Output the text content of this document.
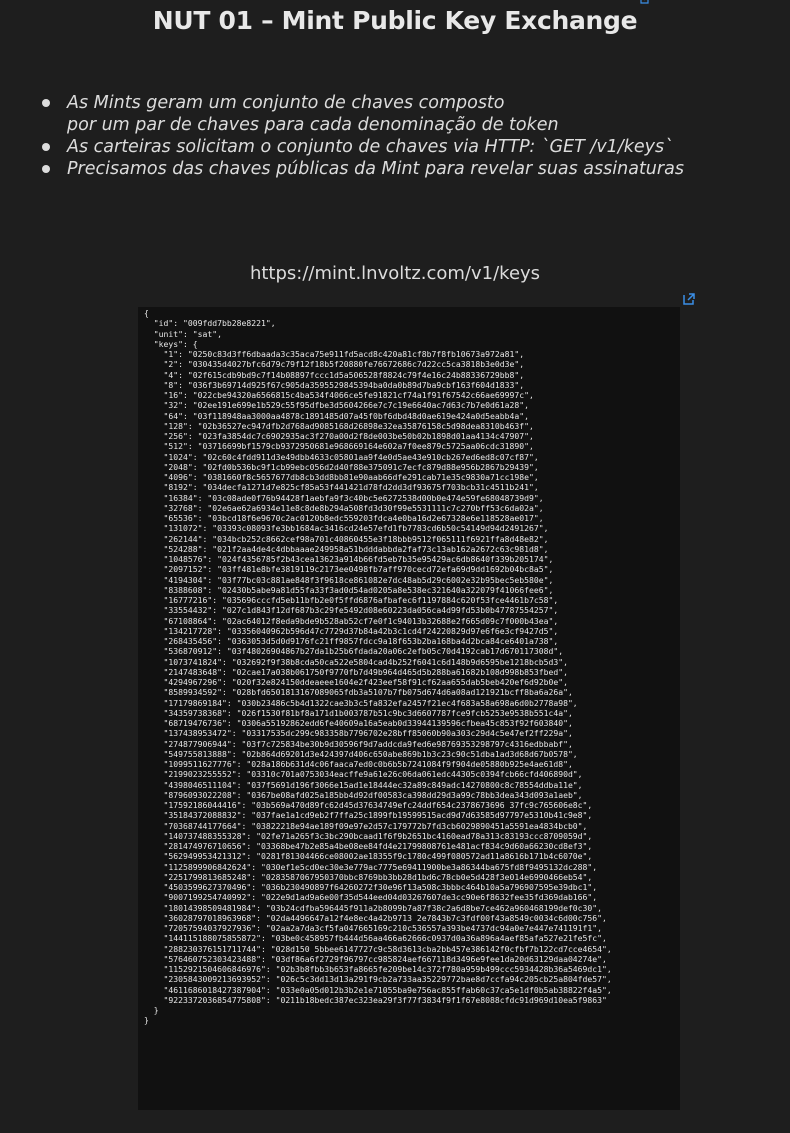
NUT 01 – Mint Public Key Exchange
As Mints geram um conjunto de chaves composto
por um par de chaves para cada denominação de token
As carteiras solicitam o conjunto de chaves via HTTP: `GET /v1/keys`
Precisamos das chaves públicas da Mint para revelar suas assinaturas
https://mint.lnvoltz.com/v1/keys
{
"id": "009fdd7bb28e8221",
"unit": "sat",
"keys": {
"1": "0250c83d3ff6dbaada3c35aca75e911fd5acd8c420a81cf8b7f8fb10673a972a81",
"2": "030435d4027bfc6d79c79f12f18b5f20880fe76672686c7d22cc5ca3818b3e0d3e",
"4": "02f615cdb9bd9c7f14b08897fccc1d5a506528f8824c79f4e16c24b88336729bb8",
"8": "036f3b69714d925f67c905da3595529845394ba0da0b89d7ba9cbf163f604d1833",
"16": "022cbe94320a6566815c4ba534f4066ce5fe91821cf74a1f91f67542c66ae69997c",
"32": "02ee191e699e1b529c55f95dfbe3d5604266e7c7c19e6640ac7d63c7b7e0d61a28",
"64": "03f118948aa3000aa4878c1891485d07a45f0bf6dbd48d0ae619e424a0d5eabb4a",
"128": "02b36527ec947dfb2d768ad9085168d26898e32ea35876158c5d98dea8310b463f",
"256": "023fa3854dc7c6902935ac3f270a00d2f8de003be50b02b1898d01aa4134c47907",
"512": "03716699bf1579cb9372950681e968669164e602a7f0ee879c5725aa06cdc31890",
"1024": "02c60c4fdd911d3e49dbb4633c05801aa9f4e0d5ae43e910cb267ed6ed8c07cf87",
"2048": "02fd0b536bc9f1cb99ebc056d2d40f88e375091c7ecfc879d88e956b2867b29439",
"4096": "0381660f8c5657677db8cb3dd8bb81e90aab66dfe291cab71e35c9830a71cc198e",
"8192": "034decfa1271d7e825cf85a53f441421d78fd2dd3df93675f703bcb31c4511b241",
"16384": "03c08ade0f76b94428f1aebfa9f3c40bc5e6272538d00b0e474e59fe68048739d9",
"32768": "02e6ae62a6934e11e8c8de8b294a508fd3d30f99e5531111c7c270bff53c6da02a",
"65536": "03bcd18f6e9670c2ac0120b8edc559203fdca4e0ba16d2e67328e6e118528ae017",
"131072": "03393c08093fe3bb1684ac3416cd24e57efd1fb7783cd6b50c54149d94d2491267",
"262144": "034bcb252c8662cef98a701c40860455e3f18bbb9512f065111f6921ffa8d48e82",
"524288": "021f2aa4de4c4dbbaaae249958a51bdddabbda2faf73c13ab162a2672c63c981d8",
"1048576": "024f4356785f2b43cea13623a914b66fd5eb7b35e95429ac6db8640f339b205174",
"2097152": "03ff481e8bfe3819119c2173ee0498fb7aff970cecd72efa69d9dd1692b04bc8a5",
"4194304": "03f77bc03c881ae848f3f9618ce861082e7dc48ab5d29c6002e32b95bec5eb580e",
"8388608": "02430b5abe9a81d55fa33f3ad0d54ad0205a8e538ec321640a322079f41066fee6",
"16777216": "035696cccfd5eb11bfb2e0f5ffd6876afbafec6f1197884c620f53fce4461b7c58",
"33554432": "027c1d843f12df687b3c29fe5492d08e60223da056ca4d99fd53b0b47787554257",
"67108864": "02ac64012f8eda9bde9b528ab52cf7e0f1c94013b32688e2f665d09c7f000b43ea",
"134217728": "03356040962b596d47c7729d37b84a42b3c1cd4f24220829d97e6f6e3cf9427d5",
"268435456": "0363053d5d0d9176fc21ff9857fdcc9a18f653b2ba168ba4d2bca84ce6401a738",
"536870912": "03f48026904867b27da1b25b6fdada20a06c2efb05c70d4192cab17d670117308d",
"1073741824": "032692f9f38b8cda50ca522e5804cad4b252f6041c6d148b9d6595be1218bcb5d3",
"2147483648": "02cae17a038b061750f9770fb7d49b964d465d5b288ba61682b108d998b853fbed",
"4294967296": "020f32e824150ddeaeee1604e2f423eef58f91cf62aa655dab5beb420ef6d92b0e",
"8589934592": "028bfd6501813167089065fdb3a5107b7fb075d674d6a08ad121921bcff8ba6a26a",
"17179869184": "030b23486c5b4d1322cae3b3c5fa832efa2457f21ec4f683a58a698a6d0b2778a98",
"34359738368": "026f1530f81bf8a171d1b003787b51c9bc3d6607787fce9fcb5253e9538b551c4a",
"68719476736": "0306a55192862edd6fe40609a16a5eab0d33944139596cfbea45c853f92f603840",
"137438953472": "03317535dc299c983358b7796702e28bff85060b90a303c29d4c5e47ef2ff229a",
"274877906944": "03f7c725834be30b9d30596f9d7addcda9fed6e98769353298797c4316edbbabf",
"549755813888": "02b864d69201d3e424397d406c650abe869b1b3c23c90c51dba1ad3d68d67b0578",
"1099511627776": "028a186b631d4c06faaca7ed0c0b6b5b7241084f9f904de05880b925e4ae61d8",
"2199023255552": "03310c701a0753034eacffe9a61e26c06da061edc44305c0394fcb66cfd406890d",
"4398046511104": "037f5691d196f3066e15ad1e18444ec32a89c849adc14270800c8c78554ddba11e",
"8796093022208": "0367be08afd025a185bb4d92df00583ca398dd29d3a99c78bb3dea343d093a1aeb",
"17592186044416": "03b569a470d89fc62d45d37634749efc24ddf654c2378673696 37fc9c765606e8c",
"35184372088832": "037fae1a1cd9eb2f7ffa25c1899fb19599515acd9d7d63585d97797e5310b41c9e8",
"70368744177664": "03822218e94ae189f09e97e2d57c179772b7fd3cb6029890451a5591ea4834bcb0",
"140737488355328": "02fe71a265f3c3bc290bcaad1f6f9b2651bc4160ead78a313c83193ccc8709059d",
"281474976710656": "03368be47b2e85a4be08ee84fd4e21799808761e481acf834c9d60a66230cd8ef3",
"562949953421312": "0281f81304466ce08002ae18355f9c1780c499f080572ad11a8616b171b4c6070e",
"1125899906842624": "030ef1e5cd0ec30e3e779ac7775e69411900be3a86344ba675fd8f9495132dc288",
"2251799813685248": "0283587067950370bbc8769bb3bb28d1bd6c78cb0e5d428f3e014e6990466eb54",
"4503599627370496": "036b230490897f64260272f30e96f13a508c3bbbc464b10a5a796907595e39dbc1",
"9007199254740992": "022e9d1ad9a6e00f35d544eed04d03267607de3cc90e6f8632fee35fd369dab166",
"18014398509481984": "03b24cdfba596445f911a2b8099b7a87f38c2a6d8be7ce462a960468199def0c30",
"36028797018963968": "02da4496647a12f4e8ec4a42b9713 2e7843b7c3fdf00f43a8549c0034c6d00c756",
"72057594037927936": "02aa2a7da3cf5fa047665169c210c536557a393be4737dc94a0e7e447e741191f1",
"144115188075855872": "03be0c458957fb444d56aa466a62666c0937d0a36a896a4aef85afa527e21fe5fc",
"288230376151711744": "028d150 5bbee6147727c9c58d3613cba2bb457e386142f0cfbf7b122cd7cce4654",
"576460752303423488": "03df86a6f2729f96797cc985824aef667118d3496e9fee1da20d63129daa04274e",
"1152921504606846976": "02b3b8fbb3b653fa8665fe209be14c372f780a959b499ccc5934428b36a5469dc1",
"2305843009213693952": "026c5c3dd13d13a291f9cb2a733aa35229772bae8d7ccfa94c205cb25a804fde57",
"4611686018427387904": "033e0a05d012b3b2e1e71055ba9e756ac855ffab60c37ca5e1df0b5ab38822f4a5",
"9223372036854775808": "0211b18bedc387ec323ea29f3f77f3834f9f1f67e8088cfdc91d969d10ea5f9863"
}
}
